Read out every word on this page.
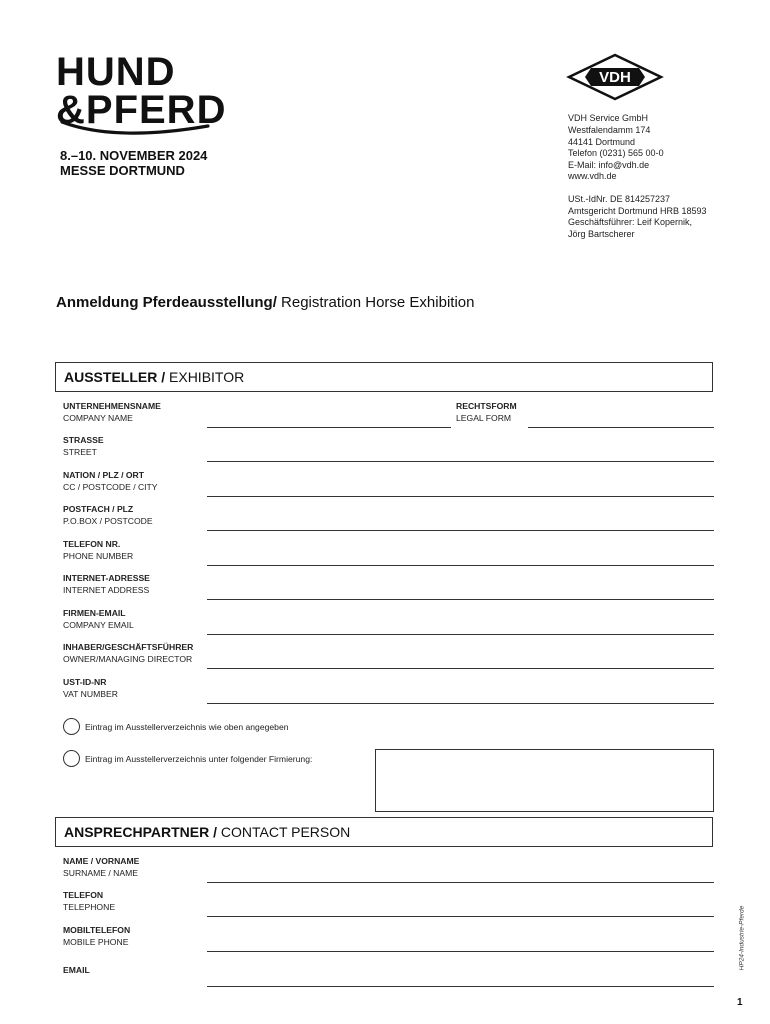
HUND
&PFERD
8.–10. NOVEMBER 2024
MESSE DORTMUND
VDH
VDH Service GmbH
Westfalendamm 174
44141 Dortmund
Telefon (0231) 565 00-0
E-Mail: info@vdh.de
www.vdh.de
USt.-IdNr. DE 814257237
Amtsgericht Dortmund HRB 18593
Geschäftsführer: Leif Kopernik,
Jörg Bartscherer
Anmeldung Pferdeausstellung/ Registration Horse Exhibition
AUSSTELLER / EXHIBITOR
UNTERNEHMENSNAME
COMPANY NAME
RECHTSFORM
LEGAL FORM
STRASSE
STREET
NATION / PLZ / ORT
CC / POSTCODE / CITY
POSTFACH / PLZ
P.O.BOX / POSTCODE
TELEFON NR.
PHONE NUMBER
INTERNET-ADRESSE
INTERNET ADDRESS
FIRMEN-EMAIL
COMPANY EMAIL
INHABER/GESCHÄFTSFÜHRER
OWNER/MANAGING DIRECTOR
UST-ID-NR
VAT NUMBER
Eintrag im Ausstellerverzeichnis wie oben angegeben
Eintrag im Ausstellerverzeichnis unter folgender Firmierung:
ANSPRECHPARTNER / CONTACT PERSON
NAME / VORNAME
SURNAME / NAME
TELEFON
TELEPHONE
MOBILTELEFON
MOBILE PHONE
EMAIL	HP24-Industrie-Pferde
1
